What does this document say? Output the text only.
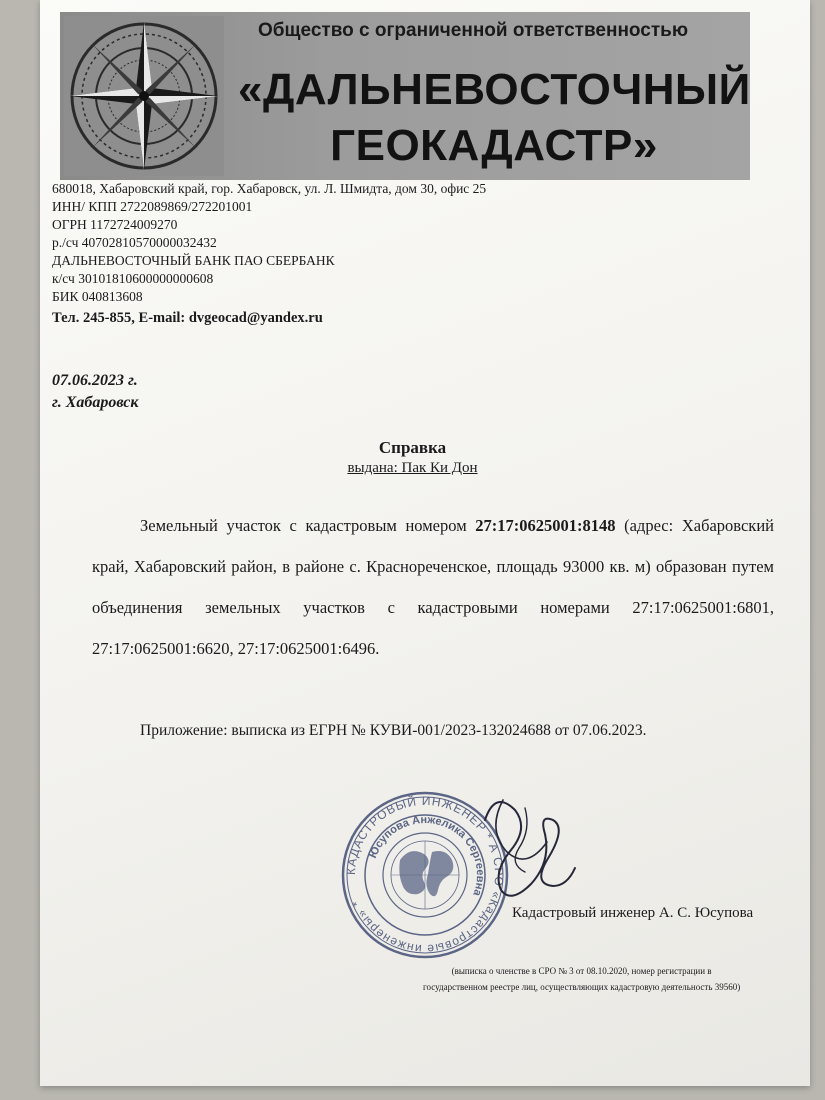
Общество с ограниченной ответственностью
«ДАЛЬНЕВОСТОЧНЫЙ
ГЕОКАДАСТР»
680018, Хабаровский край, гор. Хабаровск, ул. Л. Шмидта, дом 30, офис 25
ИНН/ КПП 2722089869/272201001
ОГРН 1172724009270
р./сч 40702810570000032432
ДАЛЬНЕВОСТОЧНЫЙ БАНК ПАО СБЕРБАНК
к/сч 30101810600000000608
БИК 040813608
Тел. 245-855, E-mail: dvgeocad@yandex.ru
07.06.2023 г.
г. Хабаровск
Справка
выдана: Пак Ки Дон
Земельный участок с кадастровым номером 27:17:0625001:8148 (адрес: Хабаровский край, Хабаровский район, в районе с. Краснореченское, площадь 93000 кв. м) образован путем объединения земельных участков с кадастровыми номерами 27:17:0625001:6801, 27:17:0625001:6620, 27:17:0625001:6496.
Приложение: выписка из ЕГРН № КУВИ-001/2023-132024688 от 07.06.2023.
КАДАСТРОВЫЙ ИНЖЕНЕР * А СРО «Кадастровые инженеры» *
Юсупова Анжелика Сергеевна
Кадастровый инженер А. С. Юсупова
(выписка о членстве в СРО № 3 от 08.10.2020, номер регистрации в
государственном реестре лиц, осуществляющих кадастровую деятельность 39560)
